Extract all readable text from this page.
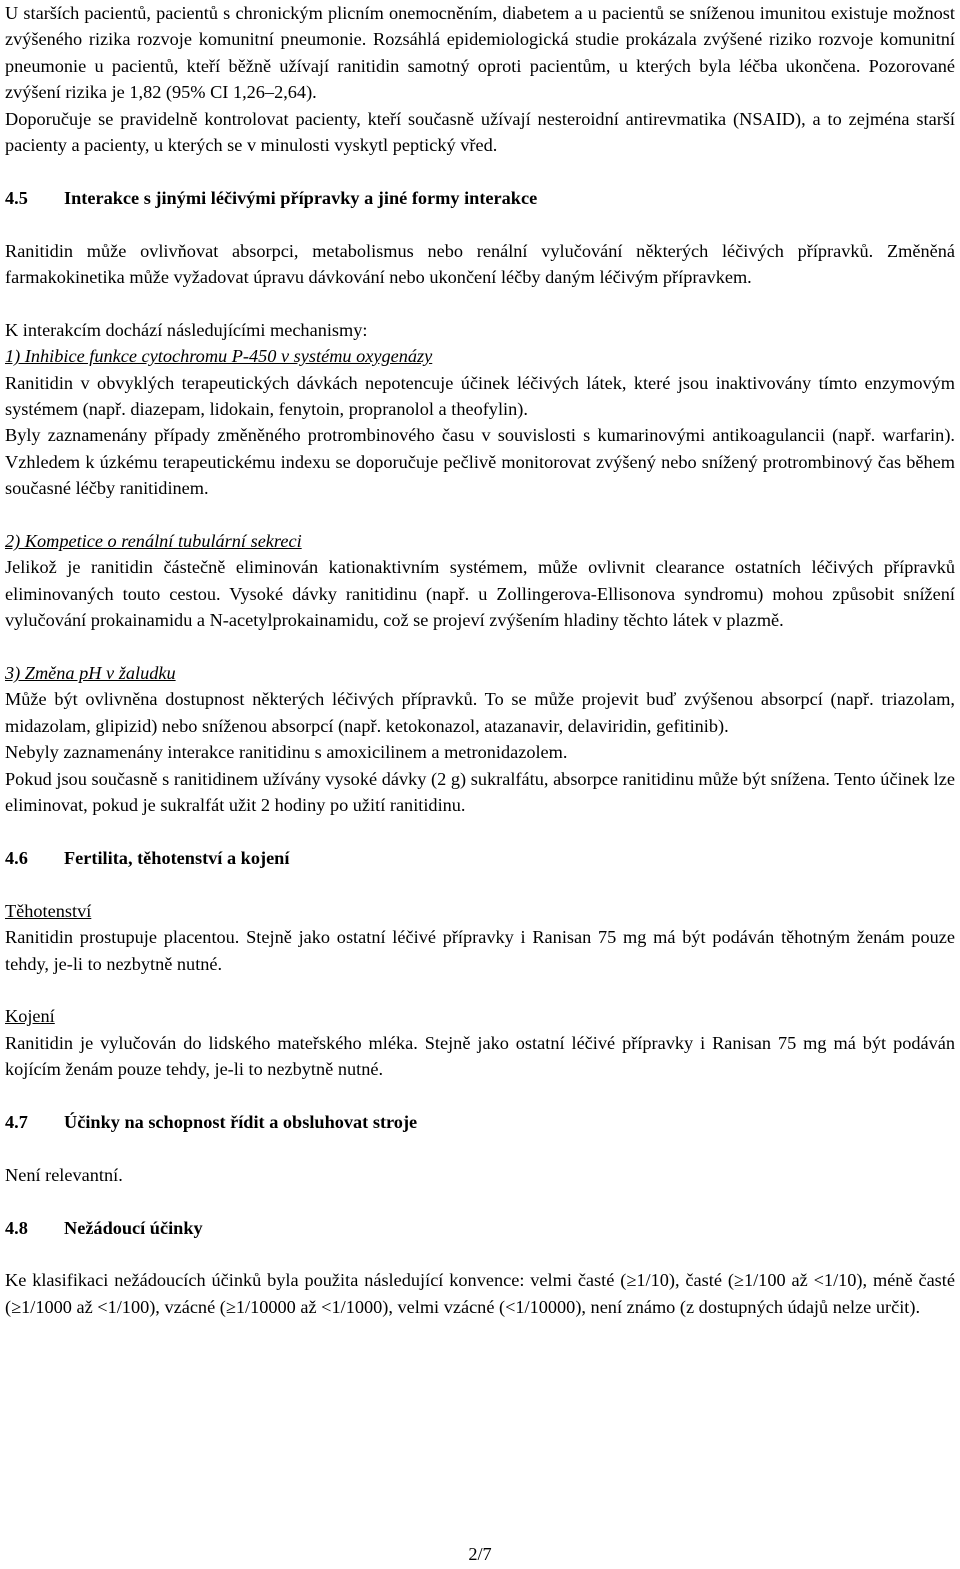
U starších pacientů, pacientů s chronickým plicním onemocněním, diabetem a u pacientů se sníženou imunitou existuje možnost zvýšeného rizika rozvoje komunitní pneumonie. Rozsáhlá epidemiologická studie prokázala zvýšené riziko rozvoje komunitní pneumonie u pacientů, kteří běžně užívají ranitidin samotný oproti pacientům, u kterých byla léčba ukončena. Pozorované zvýšení rizika je 1,82 (95% CI 1,26–2,64).

Doporučuje se pravidelně kontrolovat pacienty, kteří současně užívají nesteroidní antirevmatika (NSAID), a to zejména starší pacienty a pacienty, u kterých se v minulosti vyskytl peptický vřed.

4.5	Interakce s jinými léčivými přípravky a jiné formy interakce

Ranitidin může ovlivňovat absorpci, metabolismus nebo renální vylučování některých léčivých přípravků. Změněná farmakokinetika může vyžadovat úpravu dávkování nebo ukončení léčby daným léčivým přípravkem.

K interakcím dochází následujícími mechanismy:

1) Inhibice funkce cytochromu P-450 v systému oxygenázy

Ranitidin v obvyklých terapeutických dávkách nepotencuje účinek léčivých látek, které jsou inaktivovány tímto enzymovým systémem (např. diazepam, lidokain, fenytoin, propranolol a theofylin).

Byly zaznamenány případy změněného protrombinového času v souvislosti s kumarinovými antikoagulancii (např. warfarin). Vzhledem k úzkému terapeutickému indexu se doporučuje pečlivě monitorovat zvýšený nebo snížený protrombinový čas během současné léčby ranitidinem.

2) Kompetice o renální tubulární sekreci

Jelikož je ranitidin částečně eliminován kationaktivním systémem, může ovlivnit clearance ostatních léčivých přípravků eliminovaných touto cestou. Vysoké dávky ranitidinu (např. u Zollingerova-Ellisonova syndromu) mohou způsobit snížení vylučování prokainamidu a N-acetylprokainamidu, což se projeví zvýšením hladiny těchto látek v plazmě.

3) Změna pH v žaludku

Může být ovlivněna dostupnost některých léčivých přípravků. To se může projevit buď zvýšenou absorpcí (např. triazolam, midazolam, glipizid) nebo sníženou absorpcí (např. ketokonazol, atazanavir, delaviridin, gefitinib).

Nebyly zaznamenány interakce ranitidinu s amoxicilinem a metronidazolem.

Pokud jsou současně s ranitidinem užívány vysoké dávky (2 g) sukralfátu, absorpce ranitidinu může být snížena. Tento účinek lze eliminovat, pokud je sukralfát užit 2 hodiny po užití ranitidinu.

4.6	Fertilita, těhotenství a kojení

Těhotenství

Ranitidin prostupuje placentou. Stejně jako ostatní léčivé přípravky i Ranisan 75 mg má být podáván těhotným ženám pouze tehdy, je-li to nezbytně nutné.

Kojení

Ranitidin je vylučován do lidského mateřského mléka. Stejně jako ostatní léčivé přípravky i Ranisan 75 mg má být podáván kojícím ženám pouze tehdy, je-li to nezbytně nutné.

4.7	Účinky na schopnost řídit a obsluhovat stroje

Není relevantní.

4.8	Nežádoucí účinky

Ke klasifikaci nežádoucích účinků byla použita následující konvence: velmi časté (≥1/10), časté (≥1/100 až <1/10), méně časté (≥1/1000 až <1/100), vzácné (≥1/10000 až <1/1000), velmi vzácné (<1/10000), není známo (z dostupných údajů nelze určit).

2/7
